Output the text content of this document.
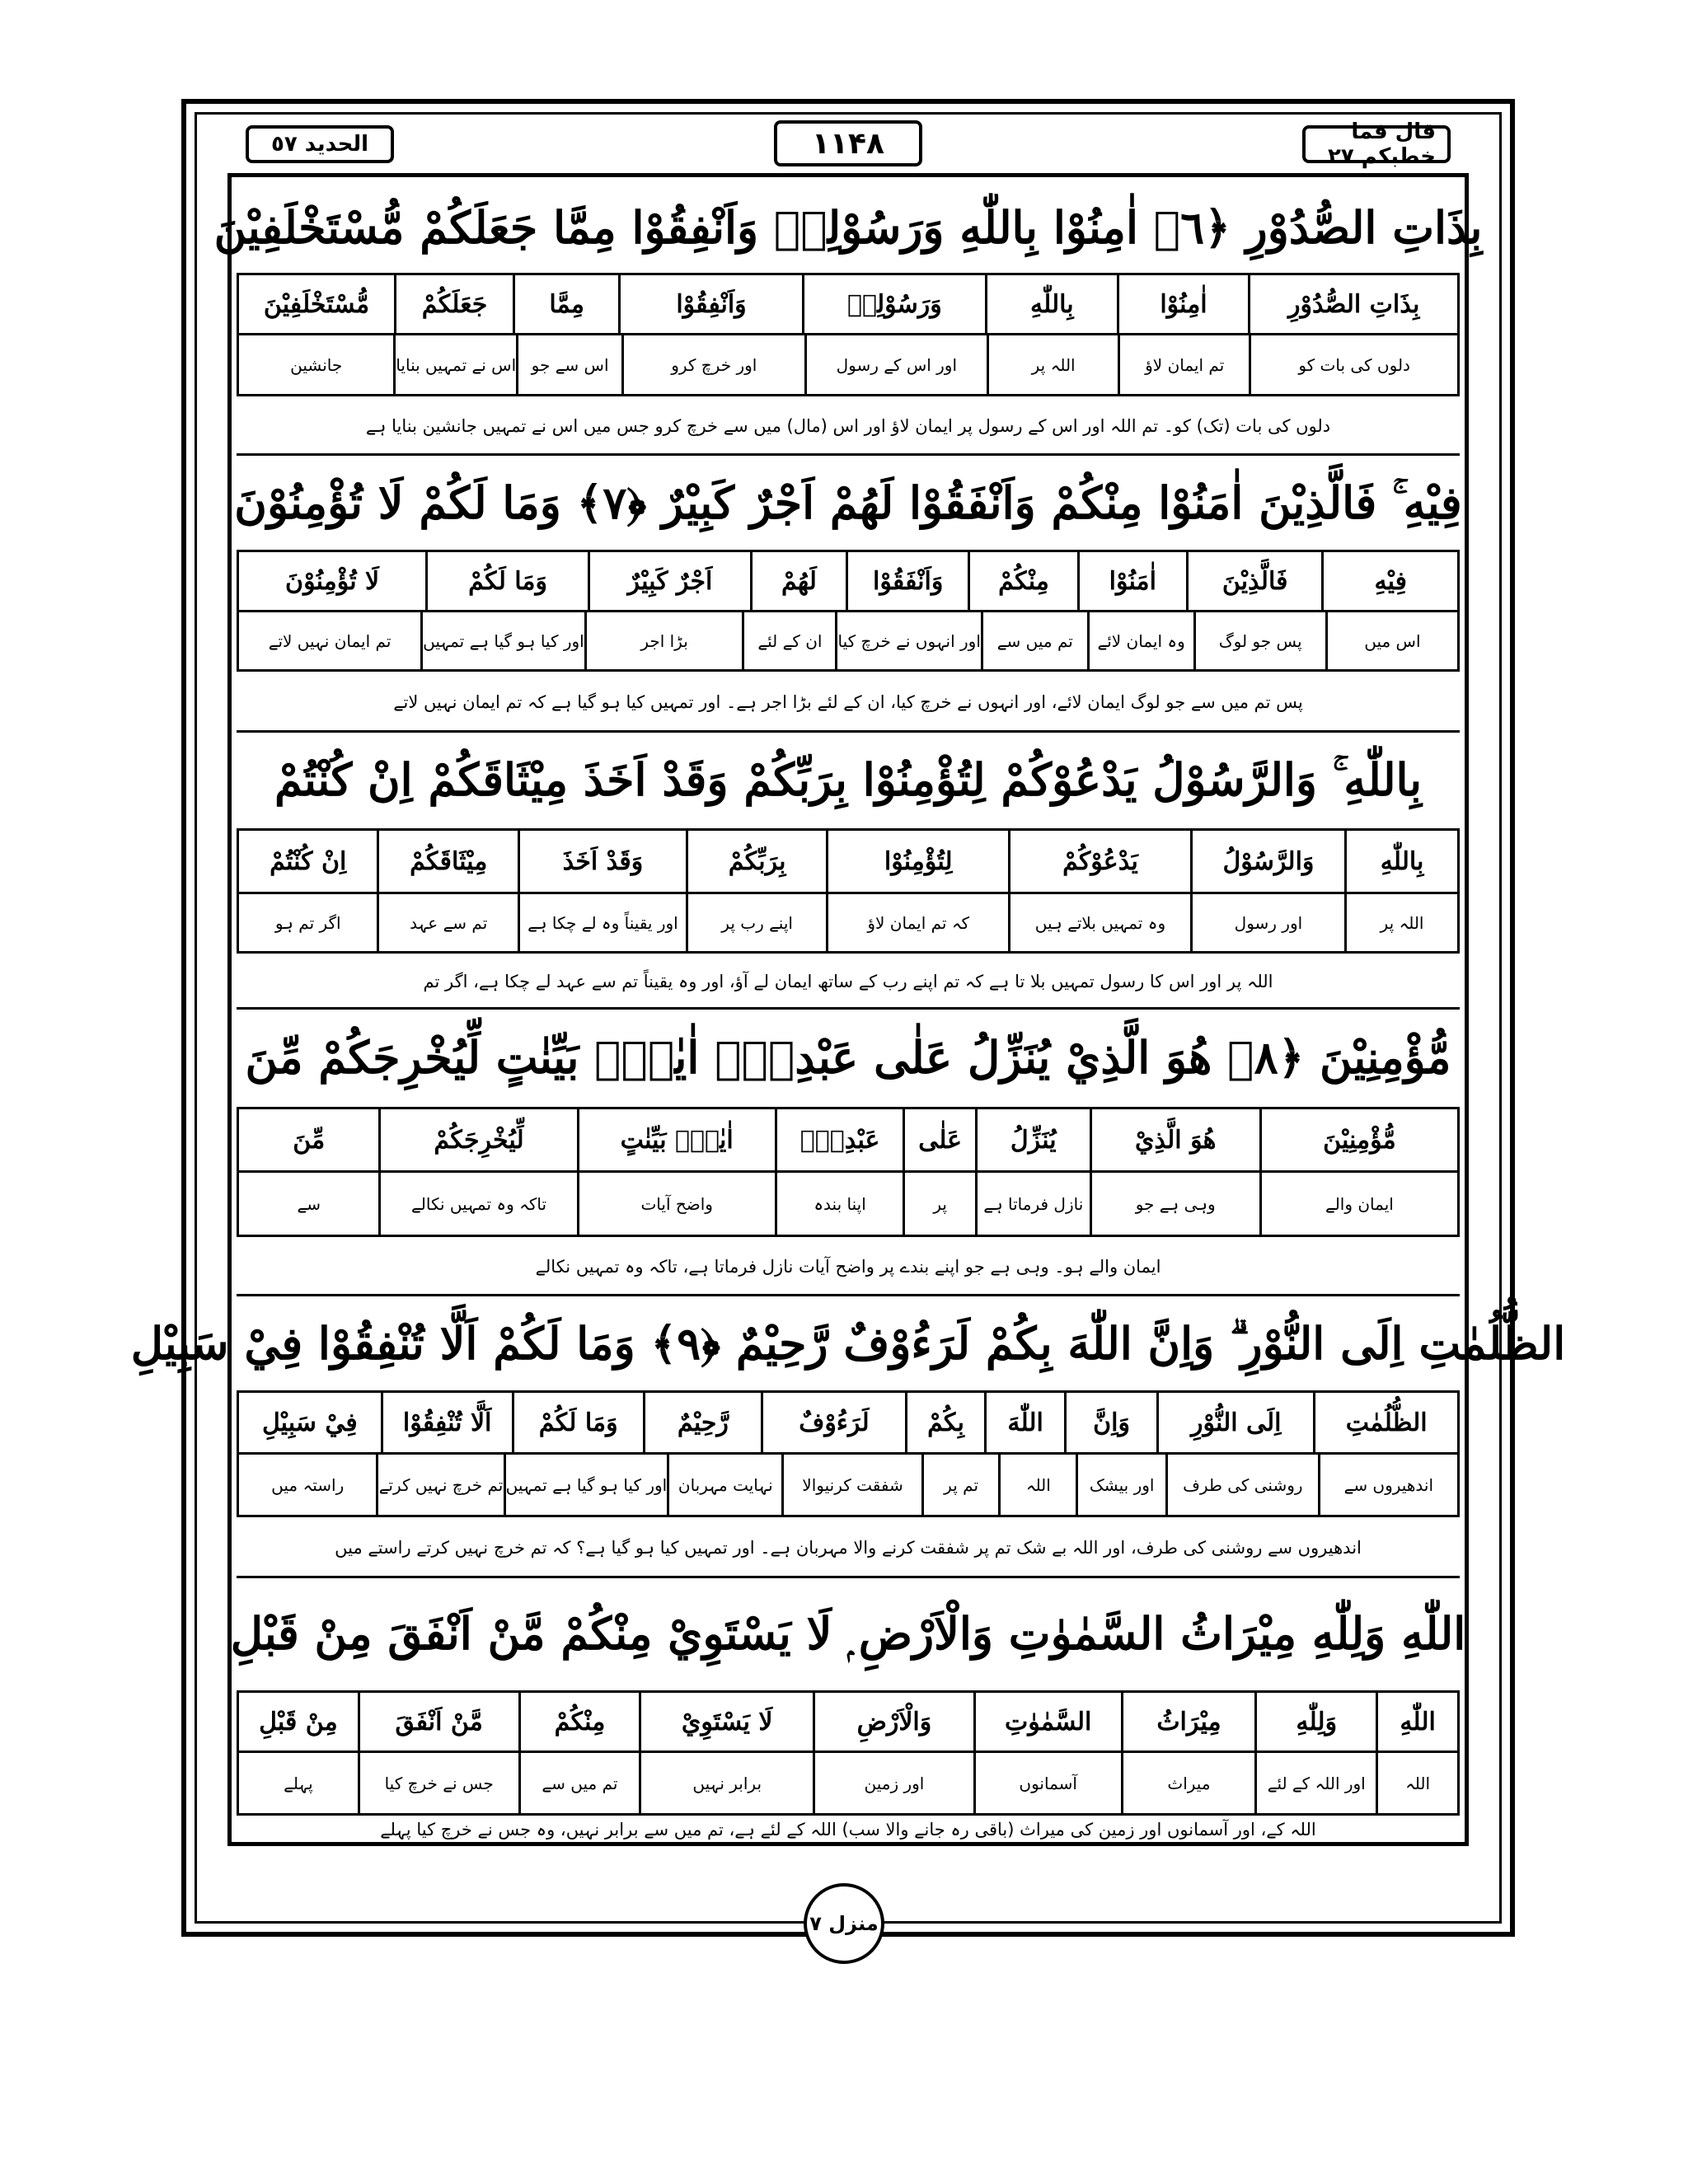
الحدید ٥٧	۱۱۴۸	قال فما خطبکم ٢٧
بِذَاتِ الصُّدُوْرِ ﴿٦﴾ اٰمِنُوْا بِاللّٰهِ وَرَسُوْلِهٖ وَاَنْفِقُوْا مِمَّا جَعَلَكُمْ مُّسْتَخْلَفِيْنَ
بِذَاتِ الصُّدُوْرِ
اٰمِنُوْا
بِاللّٰهِ
وَرَسُوْلِهٖ
وَاَنْفِقُوْا
مِمَّا
جَعَلَكُمْ
مُّسْتَخْلَفِيْنَ
دلوں کی بات کو
تم ایمان لاؤ
اللہ پر
اور اس کے رسول
اور خرچ کرو
اس سے جو
اس نے تمہیں بنایا
جانشین
دلوں کی بات (تک) کو۔ تم اللہ اور اس کے رسول پر ایمان لاؤ اور اس (مال) میں سے خرچ کرو جس میں اس نے تمہیں جانشین بنایا ہے
فِيْهِ ۚ فَالَّذِيْنَ اٰمَنُوْا مِنْكُمْ وَاَنْفَقُوْا لَهُمْ اَجْرٌ كَبِيْرٌ ﴿٧﴾ وَمَا لَكُمْ لَا تُؤْمِنُوْنَ
فِيْهِ
فَالَّذِيْنَ
اٰمَنُوْا
مِنْكُمْ
وَاَنْفَقُوْا
لَهُمْ
اَجْرٌ كَبِيْرٌ
وَمَا لَكُمْ
لَا تُؤْمِنُوْنَ
اس میں
پس جو لوگ
وہ ایمان لائے
تم میں سے
اور انہوں نے خرچ کیا
ان کے لئے
بڑا اجر
اور کیا ہو گیا ہے تمہیں
تم ایمان نہیں لاتے
پس تم میں سے جو لوگ ایمان لائے، اور انہوں نے خرچ کیا، ان کے لئے بڑا اجر ہے۔ اور تمہیں کیا ہو گیا ہے کہ تم ایمان نہیں لاتے
بِاللّٰهِ ۚ وَالرَّسُوْلُ يَدْعُوْكُمْ لِتُؤْمِنُوْا بِرَبِّكُمْ وَقَدْ اَخَذَ مِيْثَاقَكُمْ اِنْ كُنْتُمْ
بِاللّٰهِ
وَالرَّسُوْلُ
يَدْعُوْكُمْ
لِتُؤْمِنُوْا
بِرَبِّكُمْ
وَقَدْ اَخَذَ
مِيْثَاقَكُمْ
اِنْ كُنْتُمْ
اللہ پر
اور رسول
وہ تمہیں بلاتے ہیں
کہ تم ایمان لاؤ
اپنے رب پر
اور یقیناً وہ لے چکا ہے
تم سے عہد
اگر تم ہو
اللہ پر اور اس کا رسول تمہیں بلا تا ہے کہ تم اپنے رب کے ساتھ ایمان لے آؤ، اور وہ یقیناً تم سے عہد لے چکا ہے، اگر تم
مُّؤْمِنِيْنَ ﴿٨﴾ هُوَ الَّذِيْ يُنَزِّلُ عَلٰى عَبْدِهٖٓ اٰيٰتٍۭ بَيِّنٰتٍ لِّيُخْرِجَكُمْ مِّنَ
مُّؤْمِنِيْنَ
هُوَ الَّذِيْ
يُنَزِّلُ
عَلٰى
عَبْدِهٖٓ
اٰيٰتٍۭ بَيِّنٰتٍ
لِّيُخْرِجَكُمْ
مِّنَ
ایمان والے
وہی ہے جو
نازل فرماتا ہے
پر
اپنا بندہ
واضح آیات
تاکہ وہ تمہیں نکالے
سے
ایمان والے ہو۔ وہی ہے جو اپنے بندے پر واضح آیات نازل فرماتا ہے، تاکہ وہ تمہیں نکالے
الظُّلُمٰتِ اِلَى النُّوْرِ ۗ وَاِنَّ اللّٰهَ بِكُمْ لَرَءُوْفٌ رَّحِيْمٌ ﴿٩﴾ وَمَا لَكُمْ اَلَّا تُنْفِقُوْا فِيْ سَبِيْلِ
الظُّلُمٰتِ
اِلَى النُّوْرِ
وَاِنَّ
اللّٰهَ
بِكُمْ
لَرَءُوْفٌ
رَّحِيْمٌ
وَمَا لَكُمْ
اَلَّا تُنْفِقُوْا
فِيْ سَبِيْلِ
اندھیروں سے
روشنی کی طرف
اور بیشک
اللہ
تم پر
شفقت کرنیوالا
نہایت مہربان
اور کیا ہو گیا ہے تمہیں
تم خرچ نہیں کرتے
راستہ میں
اندھیروں سے روشنی کی طرف، اور اللہ بے شک تم پر شفقت کرنے والا مہربان ہے۔ اور تمہیں کیا ہو گیا ہے؟ کہ تم خرچ نہیں کرتے راستے میں
اللّٰهِ وَلِلّٰهِ مِيْرَاثُ السَّمٰوٰتِ وَالْاَرْضِ ۭ لَا يَسْتَوِيْ مِنْكُمْ مَّنْ اَنْفَقَ مِنْ قَبْلِ
اللّٰهِ
وَلِلّٰهِ
مِيْرَاثُ
السَّمٰوٰتِ
وَالْاَرْضِ
لَا يَسْتَوِيْ
مِنْكُمْ
مَّنْ اَنْفَقَ
مِنْ قَبْلِ
اللہ
اور اللہ کے لئے
میراث
آسمانوں
اور زمین
برابر نہیں
تم میں سے
جس نے خرچ کیا
پہلے
اللہ کے، اور آسمانوں اور زمین کی میراث (باقی رہ جانے والا سب) اللہ کے لئے ہے، تم میں سے برابر نہیں، وہ جس نے خرچ کیا پہلے
منزل ٧
